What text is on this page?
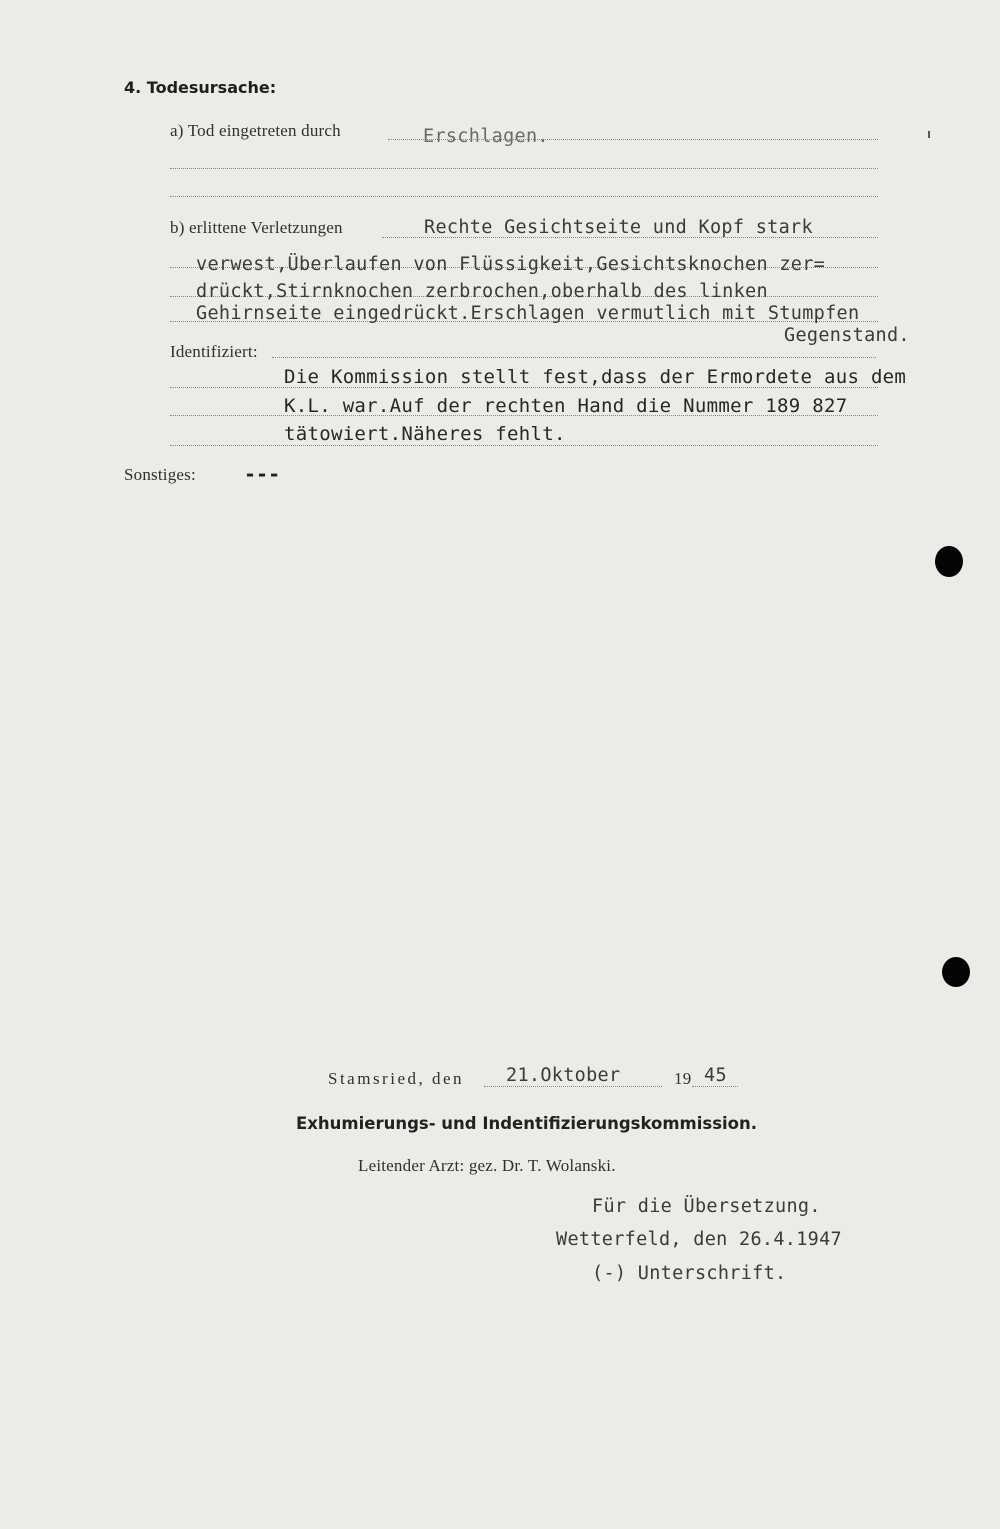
4. Todesursache:
a) Tod eingetreten durch	Erschlagen.
b) erlittene Verletzungen	Rechte Gesichtseite und Kopf stark
verwest,Überlaufen von Flüssigkeit,Gesichtsknochen zer=
drückt,Stirnknochen zerbrochen,oberhalb des linken
Gehirnseite eingedrückt.Erschlagen vermutlich mit Stumpfen
Gegenstand.
Identifiziert:
Die Kommission stellt fest,dass der Ermordete aus dem
K.L. war.Auf der rechten Hand die Nummer 189 827
tätowiert.Näheres fehlt.
Sonstiges: ---
Stamsried, den 21.Oktober	19 45
Exhumierungs- und Indentifizierungskommission.
Leitender Arzt: gez. Dr. T. Wolanski.
Für die Übersetzung.
Wetterfeld, den 26.4.1947
(-) Unterschrift.
